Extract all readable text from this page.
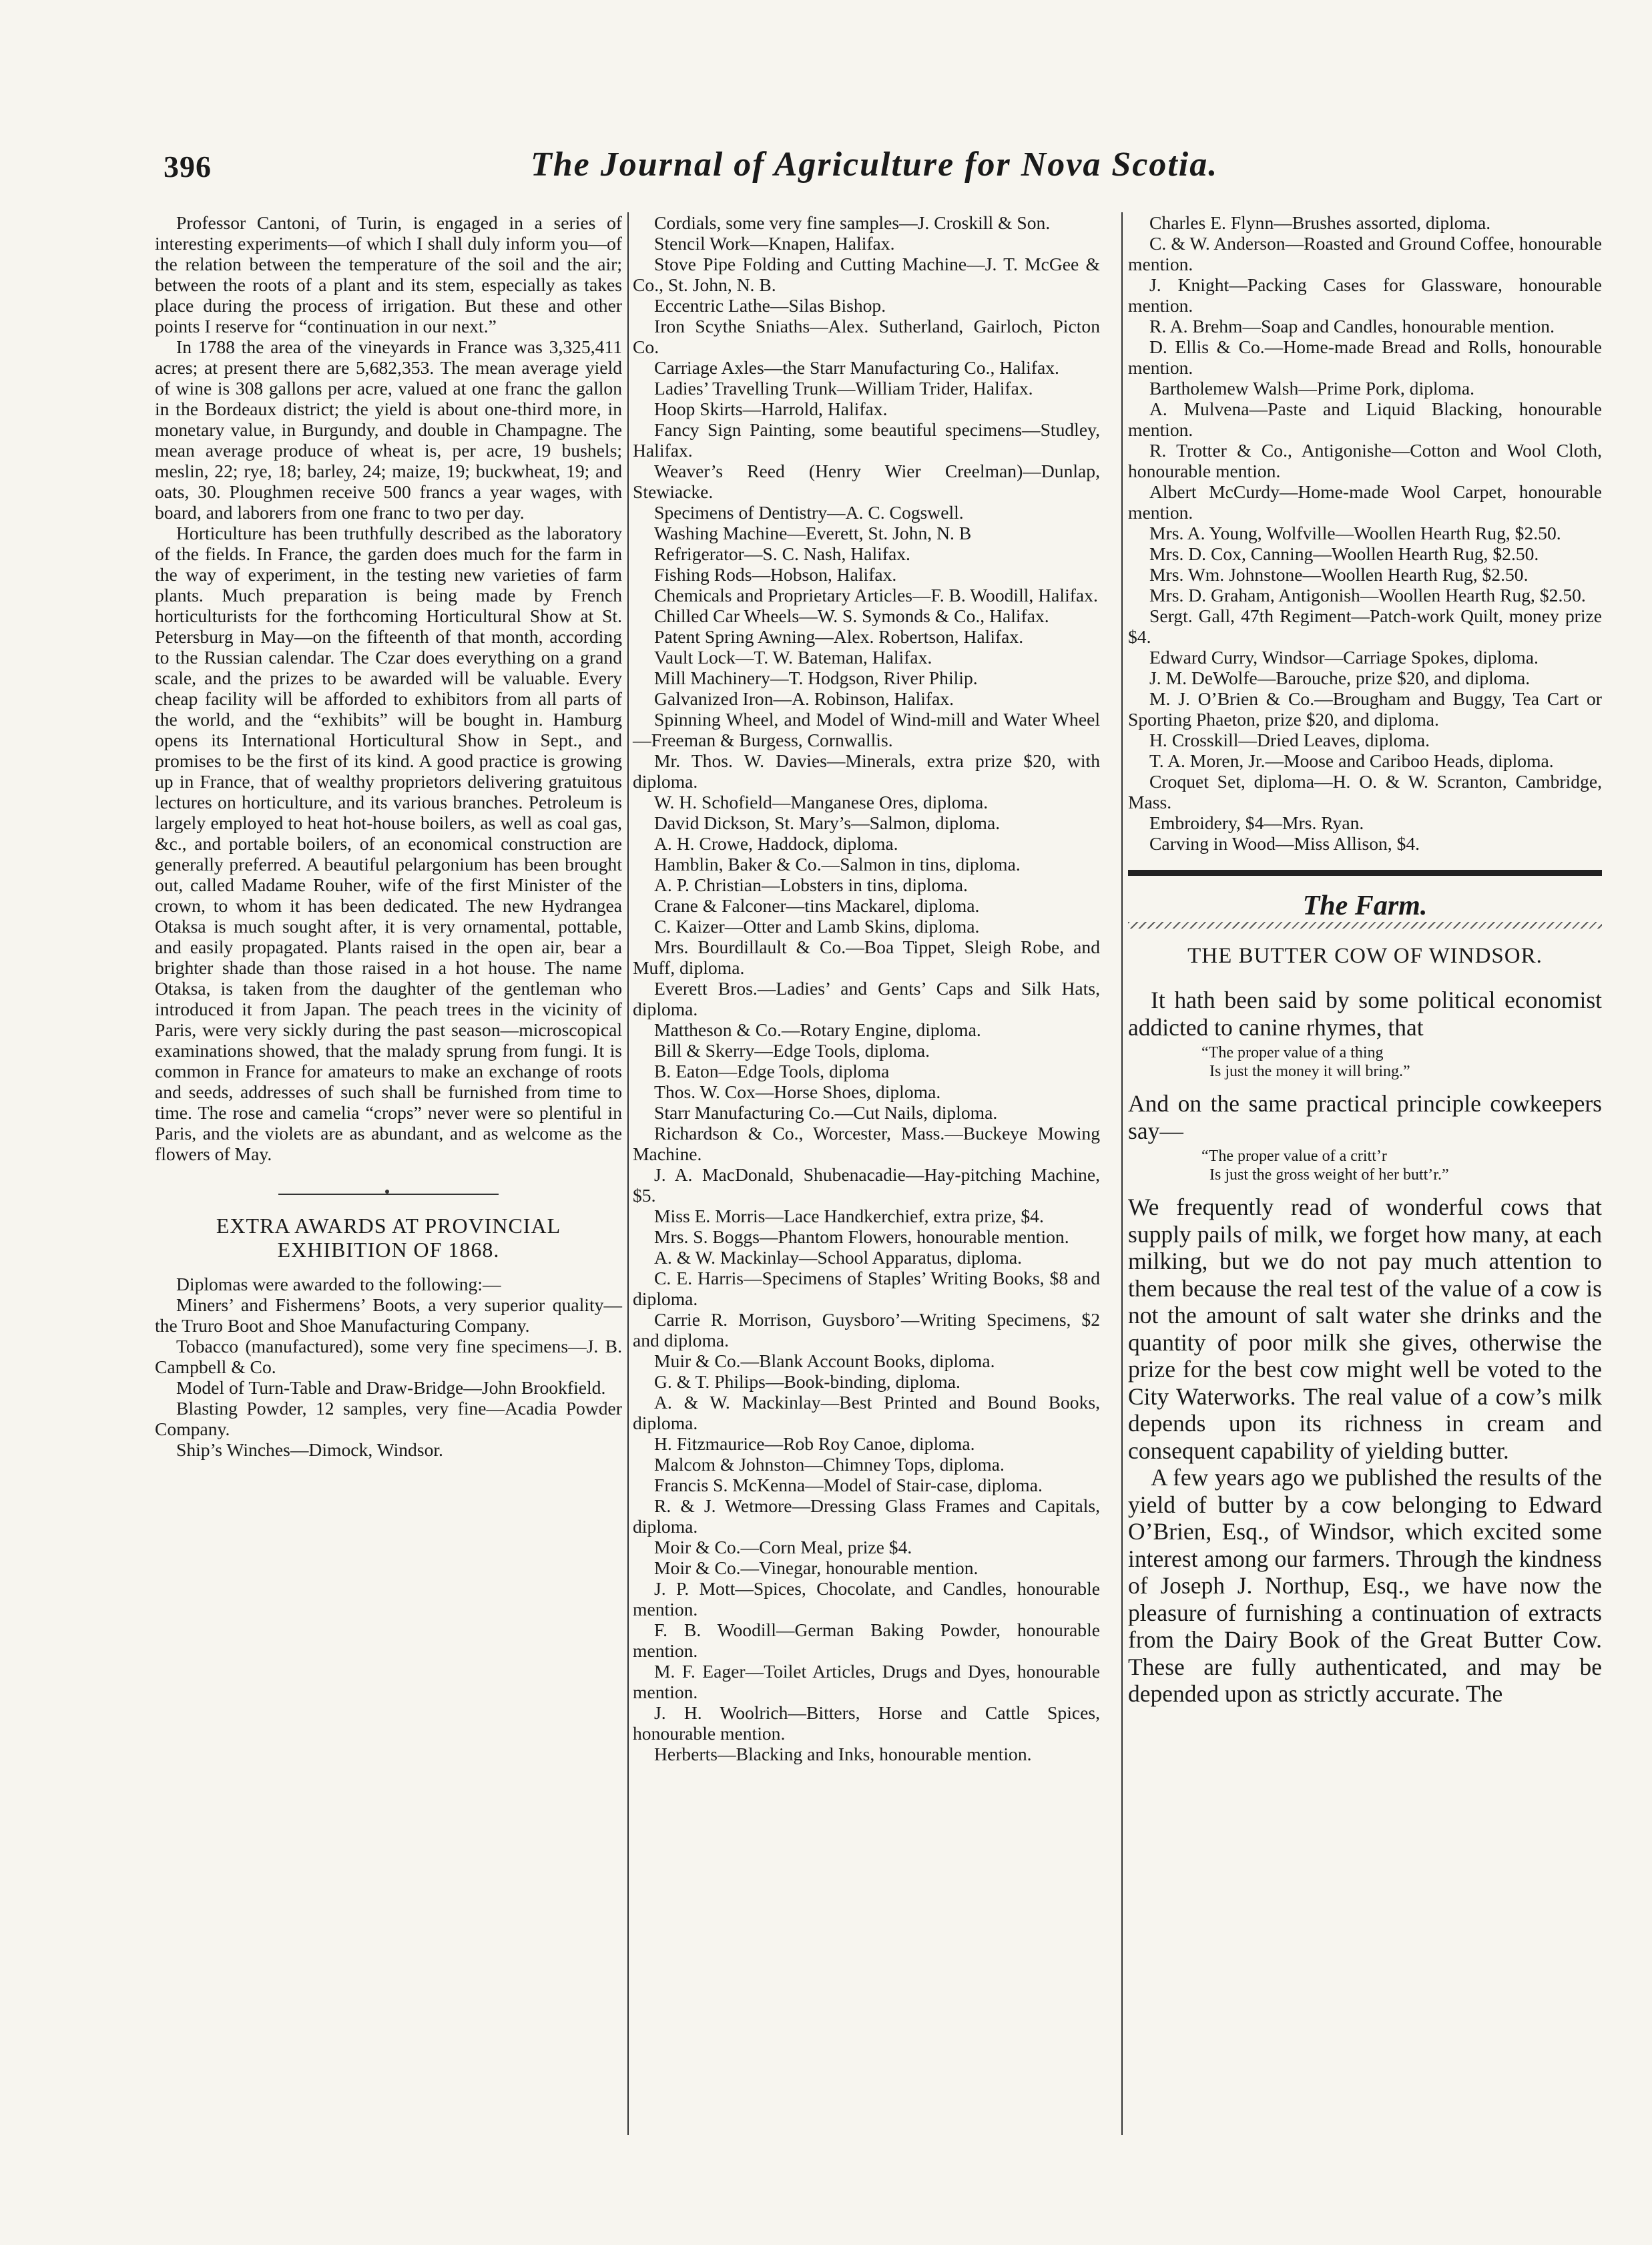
396	The Journal of Agriculture for Nova Scotia.

Professor Cantoni, of Turin, is engaged in a series of interesting experiments—of which I shall duly inform you—of the relation between the temperature of the soil and the air; between the roots of a plant and its stem, especially as takes place during the process of irrigation. But these and other points I reserve for “continuation in our next.”

In 1788 the area of the vineyards in France was 3,325,411 acres; at present there are 5,682,353. The mean average yield of wine is 308 gallons per acre, valued at one franc the gallon in the Bordeaux district; the yield is about one-third more, in monetary value, in Burgundy, and double in Champagne. The mean average produce of wheat is, per acre, 19 bushels; meslin, 22; rye, 18; barley, 24; maize, 19; buckwheat, 19; and oats, 30. Ploughmen receive 500 francs a year wages, with board, and laborers from one franc to two per day.

Horticulture has been truthfully described as the laboratory of the fields. In France, the garden does much for the farm in the way of experiment, in the testing new varieties of farm plants. Much preparation is being made by French horticulturists for the forthcoming Horticultural Show at St. Petersburg in May—on the fifteenth of that month, according to the Russian calendar. The Czar does everything on a grand scale, and the prizes to be awarded will be valuable. Every cheap facility will be afforded to exhibitors from all parts of the world, and the “exhibits” will be bought in. Hamburg opens its International Horticultural Show in Sept., and promises to be the first of its kind. A good practice is growing up in France, that of wealthy proprietors delivering gratuitous lectures on horticulture, and its various branches. Petroleum is largely employed to heat hot-house boilers, as well as coal gas, &c., and portable boilers, of an economical construction are generally preferred. A beautiful pelargonium has been brought out, called Madame Rouher, wife of the first Minister of the crown, to whom it has been dedicated. The new Hydrangea Otaksa is much sought after, it is very ornamental, pottable, and easily propagated. Plants raised in the open air, bear a brighter shade than those raised in a hot house. The name Otaksa, is taken from the daughter of the gentleman who introduced it from Japan. The peach trees in the vicinity of Paris, were very sickly during the past season—microscopical examinations showed, that the malady sprung from fungi. It is common in France for amateurs to make an exchange of roots and seeds, addresses of such shall be furnished from time to time. The rose and camelia “crops” never were so plentiful in Paris, and the violets are as abundant, and as welcome as the flowers of May.

EXTRA AWARDS AT PROVINCIAL EXHIBITION OF 1868.

Diplomas were awarded to the following:—

Miners’ and Fishermens’ Boots, a very superior quality—the Truro Boot and Shoe Manufacturing Company.

Tobacco (manufactured), some very fine specimens—J. B. Campbell & Co.

Model of Turn-Table and Draw-Bridge—John Brookfield.

Blasting Powder, 12 samples, very fine—Acadia Powder Company.

Ship’s Winches—Dimock, Windsor.

Cordials, some very fine samples—J. Croskill & Son.

Stencil Work—Knapen, Halifax.

Stove Pipe Folding and Cutting Machine—J. T. McGee & Co., St. John, N. B.

Eccentric Lathe—Silas Bishop.

Iron Scythe Sniaths—Alex. Sutherland, Gairloch, Picton Co.

Carriage Axles—the Starr Manufacturing Co., Halifax.

Ladies’ Travelling Trunk—William Trider, Halifax.

Hoop Skirts—Harrold, Halifax.

Fancy Sign Painting, some beautiful specimens—Studley, Halifax.

Weaver’s Reed (Henry Wier Creelman)—Dunlap, Stewiacke.

Specimens of Dentistry—A. C. Cogswell.

Washing Machine—Everett, St. John, N. B

Refrigerator—S. C. Nash, Halifax.

Fishing Rods—Hobson, Halifax.

Chemicals and Proprietary Articles—F. B. Woodill, Halifax.

Chilled Car Wheels—W. S. Symonds & Co., Halifax.

Patent Spring Awning—Alex. Robertson, Halifax.

Vault Lock—T. W. Bateman, Halifax.

Mill Machinery—T. Hodgson, River Philip.

Galvanized Iron—A. Robinson, Halifax.

Spinning Wheel, and Model of Wind-mill and Water Wheel—Freeman & Burgess, Cornwallis.

Mr. Thos. W. Davies—Minerals, extra prize $20, with diploma.

W. H. Schofield—Manganese Ores, diploma.

David Dickson, St. Mary’s—Salmon, diploma.

A. H. Crowe, Haddock, diploma.

Hamblin, Baker & Co.—Salmon in tins, diploma.

A. P. Christian—Lobsters in tins, diploma.

Crane & Falconer—tins Mackarel, diploma.

C. Kaizer—Otter and Lamb Skins, diploma.

Mrs. Bourdillault & Co.—Boa Tippet, Sleigh Robe, and Muff, diploma.

Everett Bros.—Ladies’ and Gents’ Caps and Silk Hats, diploma.

Mattheson & Co.—Rotary Engine, diploma.

Bill & Skerry—Edge Tools, diploma.

B. Eaton—Edge Tools, diploma

Thos. W. Cox—Horse Shoes, diploma.

Starr Manufacturing Co.—Cut Nails, diploma.

Richardson & Co., Worcester, Mass.—Buckeye Mowing Machine.

J. A. MacDonald, Shubenacadie—Hay-pitching Machine, $5.

Miss E. Morris—Lace Handkerchief, extra prize, $4.

Mrs. S. Boggs—Phantom Flowers, honourable mention.

A. & W. Mackinlay—School Apparatus, diploma.

C. E. Harris—Specimens of Staples’ Writing Books, $8 and diploma.

Carrie R. Morrison, Guysboro’—Writing Specimens, $2 and diploma.

Muir & Co.—Blank Account Books, diploma.

G. & T. Philips—Book-binding, diploma.

A. & W. Mackinlay—Best Printed and Bound Books, diploma.

H. Fitzmaurice—Rob Roy Canoe, diploma.

Malcom & Johnston—Chimney Tops, diploma.

Francis S. McKenna—Model of Stair-case, diploma.

R. & J. Wetmore—Dressing Glass Frames and Capitals, diploma.

Moir & Co.—Corn Meal, prize $4.

Moir & Co.—Vinegar, honourable mention.

J. P. Mott—Spices, Chocolate, and Candles, honourable mention.

F. B. Woodill—German Baking Powder, honourable mention.

M. F. Eager—Toilet Articles, Drugs and Dyes, honourable mention.

J. H. Woolrich—Bitters, Horse and Cattle Spices, honourable mention.

Herberts—Blacking and Inks, honourable mention.

Charles E. Flynn—Brushes assorted, diploma.

C. & W. Anderson—Roasted and Ground Coffee, honourable mention.

J. Knight—Packing Cases for Glassware, honourable mention.

R. A. Brehm—Soap and Candles, honourable mention.

D. Ellis & Co.—Home-made Bread and Rolls, honourable mention.

Bartholemew Walsh—Prime Pork, diploma.

A. Mulvena—Paste and Liquid Blacking, honourable mention.

R. Trotter & Co., Antigonishe—Cotton and Wool Cloth, honourable mention.

Albert McCurdy—Home-made Wool Carpet, honourable mention.

Mrs. A. Young, Wolfville—Woollen Hearth Rug, $2.50.

Mrs. D. Cox, Canning—Woollen Hearth Rug, $2.50.

Mrs. Wm. Johnstone—Woollen Hearth Rug, $2.50.

Mrs. D. Graham, Antigonish—Woollen Hearth Rug, $2.50.

Sergt. Gall, 47th Regiment—Patch-work Quilt, money prize $4.

Edward Curry, Windsor—Carriage Spokes, diploma.

J. M. DeWolfe—Barouche, prize $20, and diploma.

M. J. O’Brien & Co.—Brougham and Buggy, Tea Cart or Sporting Phaeton, prize $20, and diploma.

H. Crosskill—Dried Leaves, diploma.

T. A. Moren, Jr.—Moose and Cariboo Heads, diploma.

Croquet Set, diploma—H. O. & W. Scranton, Cambridge, Mass.

Embroidery, $4—Mrs. Ryan.

Carving in Wood—Miss Allison, $4.

The Farm.
THE BUTTER COW OF WINDSOR.

It hath been said by some political economist addicted to canine rhymes, that

“The proper value of a thing
Is just the money it will bring.”

And on the same practical principle cowkeepers say—

“The proper value of a critt’r
Is just the gross weight of her butt’r.”

We frequently read of wonderful cows that supply pails of milk, we forget how many, at each milking, but we do not pay much attention to them because the real test of the value of a cow is not the amount of salt water she drinks and the quantity of poor milk she gives, otherwise the prize for the best cow might well be voted to the City Waterworks. The real value of a cow’s milk depends upon its richness in cream and consequent capability of yielding butter.

A few years ago we published the results of the yield of butter by a cow belonging to Edward O’Brien, Esq., of Windsor, which excited some interest among our farmers. Through the kindness of Joseph J. Northup, Esq., we have now the pleasure of furnishing a continuation of extracts from the Dairy Book of the Great Butter Cow. These are fully authenticated, and may be depended upon as strictly accurate. The
